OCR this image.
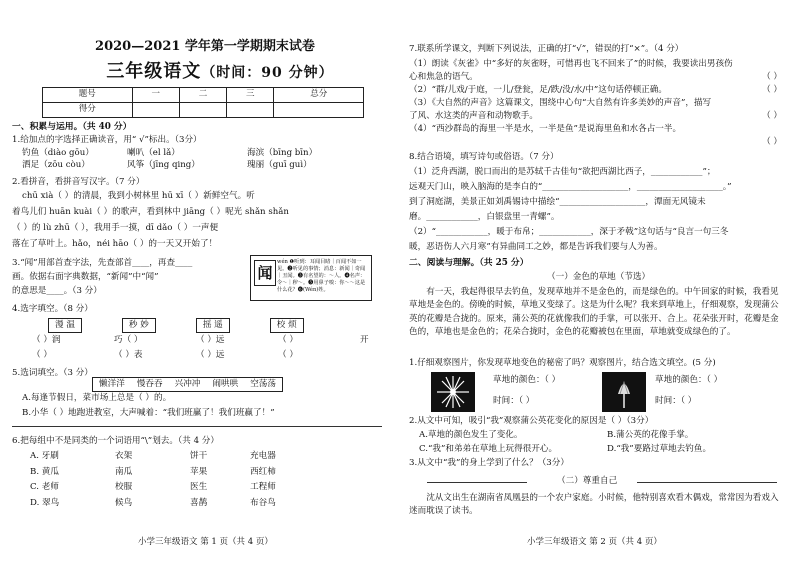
2020—2021 学年第一学期期末试卷
三年级语文（时间：90 分钟）
题号	一	二	三	总分
得分				
一、积累与运用。（共 40 分）
1.给加点的字选择正确读音，用“ √”标出。（3分）
钓鱼（diào gōu）	喇叭（el lǎ）	海滨（bīng bīn）
洒足（zōu còu）	风筝（jīng qing）	瑰丽（guī guì）
2.看拼音，看拼音写汉字。（7 分）
chū xià（ ）的清晨，我到小树林里 hū xī（ ）新鲜空气。听
着鸟儿们 huān kuài（ ）的歌声，看到林中 jiāng（ ）呢光 shǎn shǎn
（ ）的 lù zhū（ ），我用手一摸，dī dǎo（ ）一声便
落在了草叶上。hǎo，néi hāo（ ）的一天又开始了！
3.“闻”用部首查字法，先查部首____，再查____
画。依据右面字典数据，“新闻”中“闻”
的意思是____。（3 分）
闻
wén ❶听到：耳闻目睹｜百闻不如一见。❷听见的事情；消息：新闻｜奇闻｜丑闻。❸有名望的：～人。❹名声：令～｜秽～。❺用鼻子嗅：你～～这是什么花？❻(Wén)姓。
4.选字填空。（8 分）
漫 温	秒 妙	摇 遥	校 烦
（ ）润	巧（ ）	（ ）远	（ ）	开
（ ）	（ ）表	（ ）远	（ ）
5.选词填空。（3 分）
懒洋洋	慢吞吞	兴冲冲	闹哄哄	空荡荡
A.每逢节假日，菜市场上总是（ ）的。
B.小华（ ）地跑进教室，大声喊着：“我们班赢了！我们班赢了！”
6.把每组中不是同类的一个词语用“\”划去。（共 4 分）
A. 牙刷	衣架	饼干	充电器
B. 黄瓜	南瓜	苹果	西红柿
C. 老师	校服	医生	工程师
D. 翠鸟	候鸟	喜鹊	布谷鸟
小学三年级语文 第 1 页（共 4 页）
7.联系所学课文，判断下列说法，正确的打“√”，错误的打“×”。（4 分）
（1）朗读《灰雀》中“多好的灰雀呀，可惜再也飞不回来了”的时候，我要读出男孩伤
心和焦急的语气。	（ ）
（2）“群/儿戏/于庭，一儿/登瓮，足/跌/没/水/中”这句话停顿正确。	（ ）
（3）《大自然的声音》这篇课文，围绕中心句“大自然有许多美妙的声音”，描写
了风、水这类的声音和动物歌手。	（ ）
（4）“西沙群岛的海里一半是水，一半是鱼”是说海里鱼和水各占一半。
（ ）
8.结合语境，填写诗句或俗语。（7 分）
（1）泛舟西湖，脱口而出的是苏轼千古佳句“欲把西湖比西子，____________”；
远观天门山，映入脑海的是李白的“____________________，____________________。”
到了洞庭湖，美景正如刘禹锡诗中描绘“____________________，潭面无风镜未
磨。____________，白银盘里一青螺”。
（2）“____________，暖于布帛；____________，深于矛戟”这句话与“良言一句三冬
暖，恶语伤人六月寒”有异曲同工之妙，都是告诉我们要与人为善。
二、阅读与理解。（共 25 分）
（一）金色的草地（节选）
有一天，我起得很早去钓鱼，发现草地并不是金色的，而是绿色的。中午回家的时候，我看见草地是金色的。傍晚的时候，草地又变绿了。这是为什么呢？我来到草地上，仔细观察，发现蒲公英的花瓣是合拢的。原来，蒲公英的花就像我们的手掌，可以张开、合上。花朵张开时，花瓣是金色的，草地也是金色的；花朵合拢时，金色的花瓣被包在里面，草地就变成绿色的了。
1.仔细观察图片，你发现草地变色的秘密了吗？观察图片，结合选文填空。(5 分)
草地的颜色：（ ）
时间：（ ）
草地的颜色：（ ）
时间：（ ）
2.从文中可知，吸引“我”观察蒲公英花变化的原因是（ ）（3分）
A.草地的颜色发生了变化。	B.蒲公英的花像手掌。
C.“我”和弟弟在草地上玩得很开心。	D.“我”要路过草地去钓鱼。
3.从文中“我”的身上学到了什么？（3分）
（二）尊重自己
沈从文出生在湖南省凤凰县的一个农户家庭。小时候，他特别喜欢看木偶戏，常常因为看戏入迷而耽误了读书。
小学三年级语文 第 2 页（共 4 页）
